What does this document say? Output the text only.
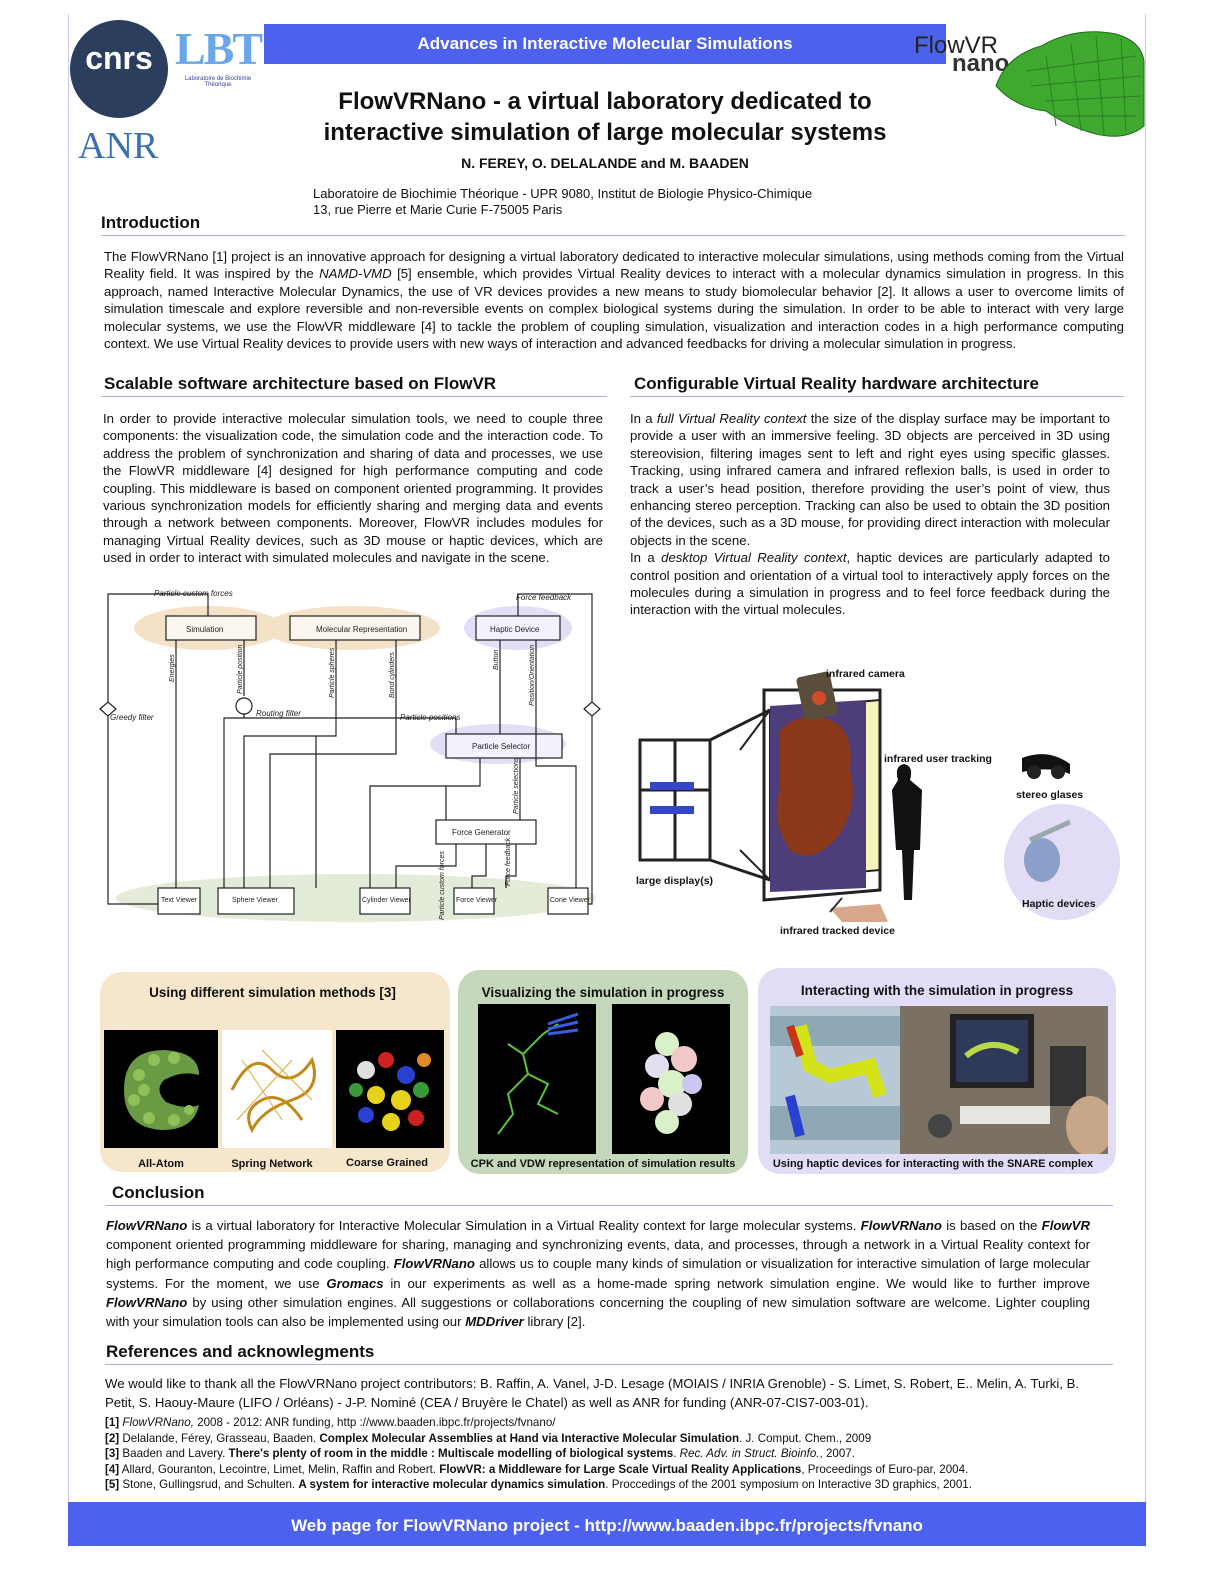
Advances in Interactive Molecular Simulations
cnrs LBT
Laboratoire de Biochimie Théorique
ANR
FlowVR
nano
FlowVRNano - a virtual laboratory dedicated to
interactive simulation of large molecular systems
N. FEREY, O. DELALANDE and M. BAADEN
Laboratoire de Biochimie Théorique - UPR 9080, Institut de Biologie Physico-Chimique
13, rue Pierre et Marie Curie F-75005 Paris
Introduction
The FlowVRNano [1] project is an innovative approach for designing a virtual laboratory dedicated to interactive molecular simulations, using methods coming from the Virtual Reality field. It was inspired by the NAMD-VMD [5] ensemble, which provides Virtual Reality devices to interact with a molecular dynamics simulation in progress. In this approach, named Interactive Molecular Dynamics, the use of VR devices provides a new means to study biomolecular behavior [2]. It allows a user to overcome limits of simulation timescale and explore reversible and non-reversible events on complex biological systems during the simulation. In order to be able to interact with very large molecular systems, we use the FlowVR middleware [4] to tackle the problem of coupling simulation, visualization and interaction codes in a high performance computing context. We use Virtual Reality devices to provide users with new ways of interaction and advanced feedbacks for driving a molecular simulation in progress.
Scalable software architecture based on FlowVR
In order to provide interactive molecular simulation tools, we need to couple three components: the visualization code, the simulation code and the interaction code. To address the problem of synchronization and sharing of data and processes, we use the FlowVR middleware [4] designed for high performance computing and code coupling. This middleware is based on component oriented programming. It provides various synchronization models for efficiently sharing and merging data and events through a network between components. Moreover, FlowVR includes modules for managing Virtual Reality devices, such as 3D mouse or haptic devices, which are used in order to interact with simulated molecules and navigate in the scene.
Particle custom forces	Force feedback
Simulation	Molecular Representation	Haptic Device
Greedy filter	Routing filter	Particle positions
Particle Selector
Force Generator
Text Viewer	Sphere Viewer	Cylinder Viewer	Force Viewer	Cone Viewer
Energies	Particle position	Particle spheres	Bond cylinders	Button	Position/Orientation
Particle selections
Particle custom forces	Force feedback
Configurable Virtual Reality hardware architecture

In a full Virtual Reality context the size of the display surface may be important to provide a user with an immersive feeling. 3D objects are perceived in 3D using stereovision, filtering images sent to left and right eyes using specific glasses. Tracking, using infrared camera and infrared reflexion balls, is used in order to track a user’s head position, therefore providing the user’s point of view, thus enhancing stereo perception. Tracking can also be used to obtain the 3D position of the devices, such as a 3D mouse, for providing direct interaction with molecular objects in the scene.

In a desktop Virtual Reality context, haptic devices are particularly adapted to control position and orientation of a virtual tool to interactively apply forces on the molecules during a simulation in progress and to feel force feedback during the interaction with the virtual molecules.

infrared camera
infrared user tracking
stereo glases
large display(s)
Haptic devices
infrared tracked device
Using different simulation methods [3]
All-Atom	Spring Network	Coarse Grained
Visualizing the simulation in progress
CPK and VDW representation of simulation results
Interacting with the simulation in progress
Using haptic devices for interacting with the SNARE complex
Conclusion
FlowVRNano is a virtual laboratory for Interactive Molecular Simulation in a Virtual Reality context for large molecular systems. FlowVRNano is based on the FlowVR component oriented programming middleware for sharing, managing and synchronizing events, data, and processes, through a network in a Virtual Reality context for high performance computing and code coupling. FlowVRNano allows us to couple many kinds of simulation or visualization for interactive simulation of large molecular systems. For the moment, we use Gromacs in our experiments as well as a home-made spring network simulation engine. We would like to further improve FlowVRNano by using other simulation engines. All suggestions or collaborations concerning the coupling of new simulation software are welcome. Lighter coupling with your simulation tools can also be implemented using our MDDriver library [2].
References and acknowlegments
We would like to thank all the FlowVRNano project contributors: B. Raffin, A. Vanel, J-D. Lesage (MOIAIS / INRIA Grenoble) - S. Limet, S. Robert, E.. Melin, A. Turki, B. Petit, S. Haouy-Maure (LIFO / Orléans) - J-P. Nominé (CEA / Bruyère le Chatel) as well as ANR for funding (ANR-07-CIS7-003-01).
[1] FlowVRNano, 2008 - 2012: ANR funding, http ://www.baaden.ibpc.fr/projects/fvnano/
[2] Delalande, Férey, Grasseau, Baaden. Complex Molecular Assemblies at Hand via Interactive Molecular Simulation. J. Comput. Chem., 2009
[3] Baaden and Lavery. There's plenty of room in the middle : Multiscale modelling of biological systems. Rec. Adv. in Struct. Bioinfo., 2007.
[4] Allard, Gouranton, Lecointre, Limet, Melin, Raffin and Robert. FlowVR: a Middleware for Large Scale Virtual Reality Applications, Proceedings of Euro-par, 2004.
[5] Stone, Gullingsrud, and Schulten. A system for interactive molecular dynamics simulation. Proccedings of the 2001 symposium on Interactive 3D graphics, 2001.
Web page for FlowVRNano project - http://www.baaden.ibpc.fr/projects/fvnano
